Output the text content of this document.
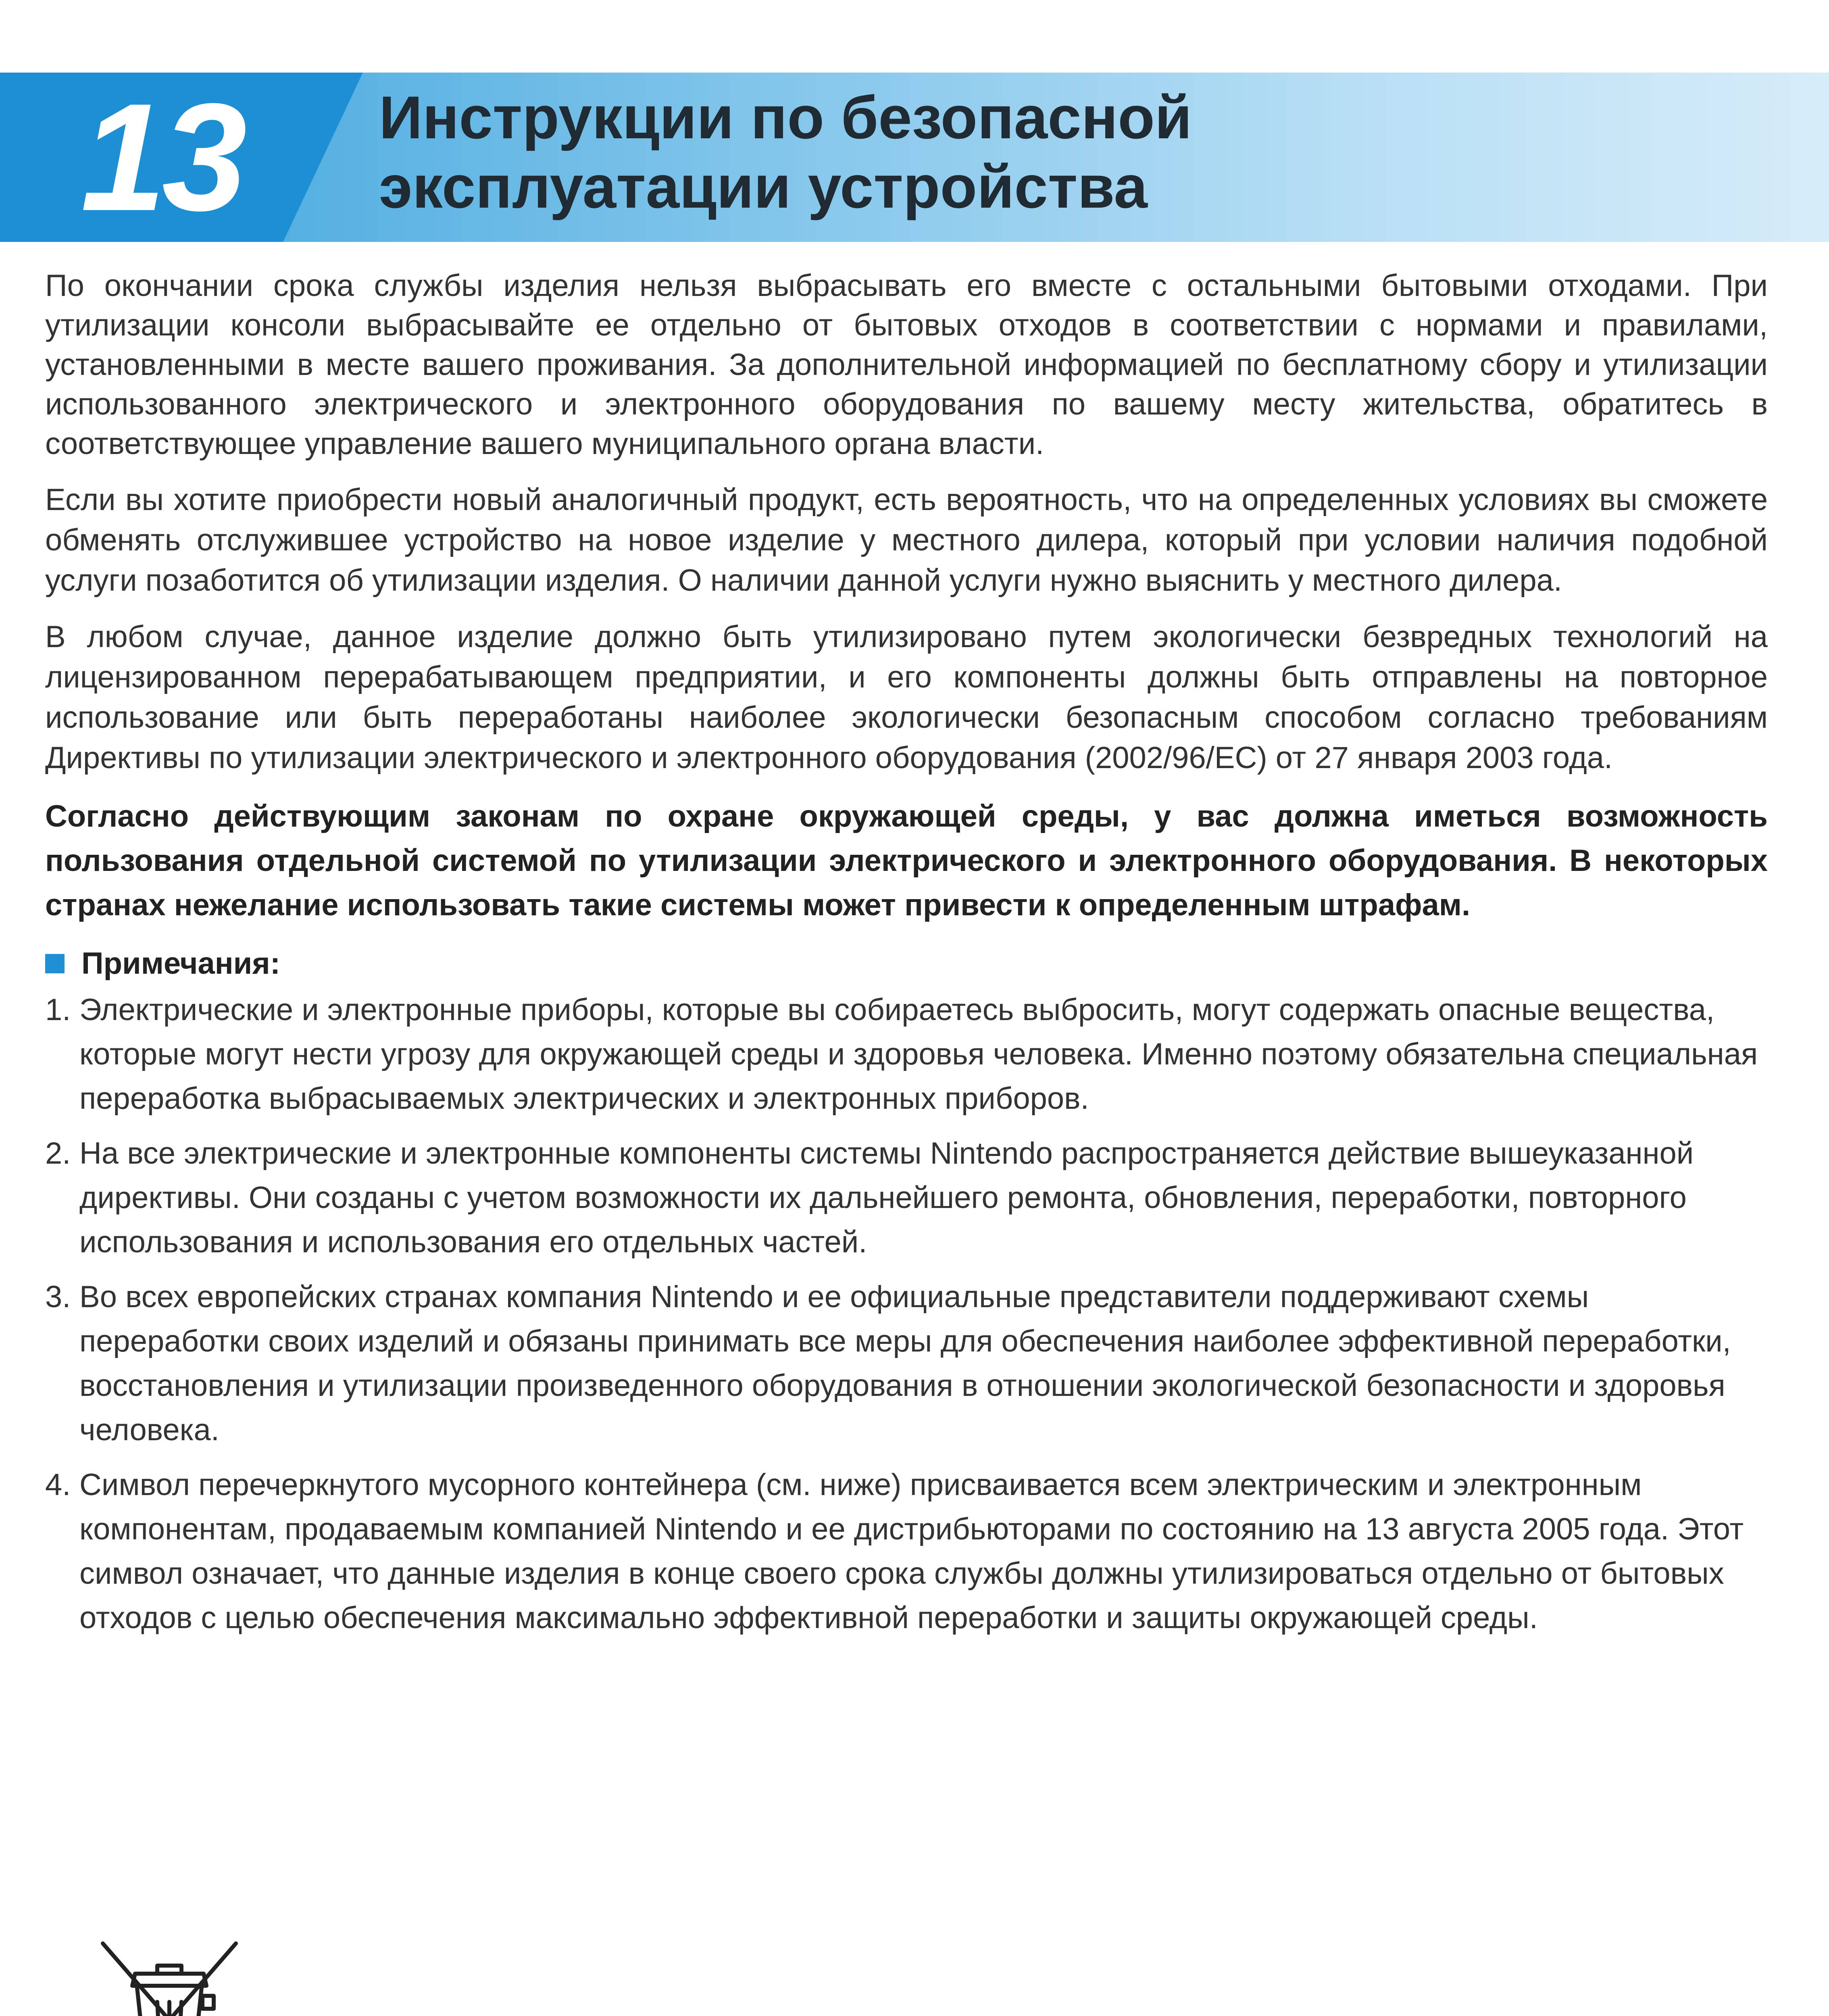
13	Инструкции по безопасной
эксплуатации устройства

По окончании срока службы изделия нельзя выбрасывать его вместе с остальными бытовыми отходами. При утилизации консоли выбрасывайте ее отдельно от бытовых отходов в соответствии с нормами и правилами, установленными в месте вашего проживания. За дополнительной информацией по бесплатному сбору и утилизации использованного электрического и электронного оборудования по вашему месту жительства, обратитесь в соответствующее управление вашего муниципального органа власти.

Если вы хотите приобрести новый аналогичный продукт, есть вероятность, что на определенных условиях вы сможете обменять отслужившее устройство на новое изделие у местного дилера, который при условии наличия подобной услуги позаботится об утилизации изделия. О наличии данной услуги нужно выяснить у местного дилера.

В любом случае, данное изделие должно быть утилизировано путем экологически безвредных технологий на лицензированном перерабатывающем предприятии, и его компоненты должны быть отправлены на повторное использование или быть переработаны наиболее экологически безопасным способом согласно требованиям Директивы по утилизации электрического и электронного оборудования (2002/96/EC) от 27 января 2003 года.

Согласно действующим законам по охране окружающей среды, у вас должна иметься возможность пользования отдельной системой по утилизации электрического и электронного оборудования. В некоторых странах нежелание использовать такие системы может привести к определенным штрафам.

Примечания:
1. Электрические и электронные приборы, которые вы собираетесь выбросить, могут содержать опасные вещества, которые могут нести угрозу для окружающей среды и здоровья человека. Именно поэтому обязательна специальная переработка выбрасываемых электрических и электронных приборов.
2. На все электрические и электронные компоненты системы Nintendo распространяется действие вышеуказанной директивы. Они созданы с учетом возможности их дальнейшего ремонта, обновления, переработки, повторного использования и использования его отдельных частей.
3. Во всех европейских странах компания Nintendo и ее официальные представители поддерживают схемы переработки своих изделий и обязаны принимать все меры для обеспечения наиболее эффективной переработки, восстановления и утилизации произведенного оборудования в отношении экологической безопасности и здоровья человека.
4. Символ перечеркнутого мусорного контейнера (см. ниже) присваивается всем электрическим и электронным компонентам, продаваемым компанией Nintendo и ее дистрибьюторами по состоянию на 13 августа 2005 года. Этот символ означает, что данные изделия в конце своего срока службы должны утилизироваться отдельно от бытовых отходов с целью обеспечения максимально эффективной переработки и защиты окружающей среды.
